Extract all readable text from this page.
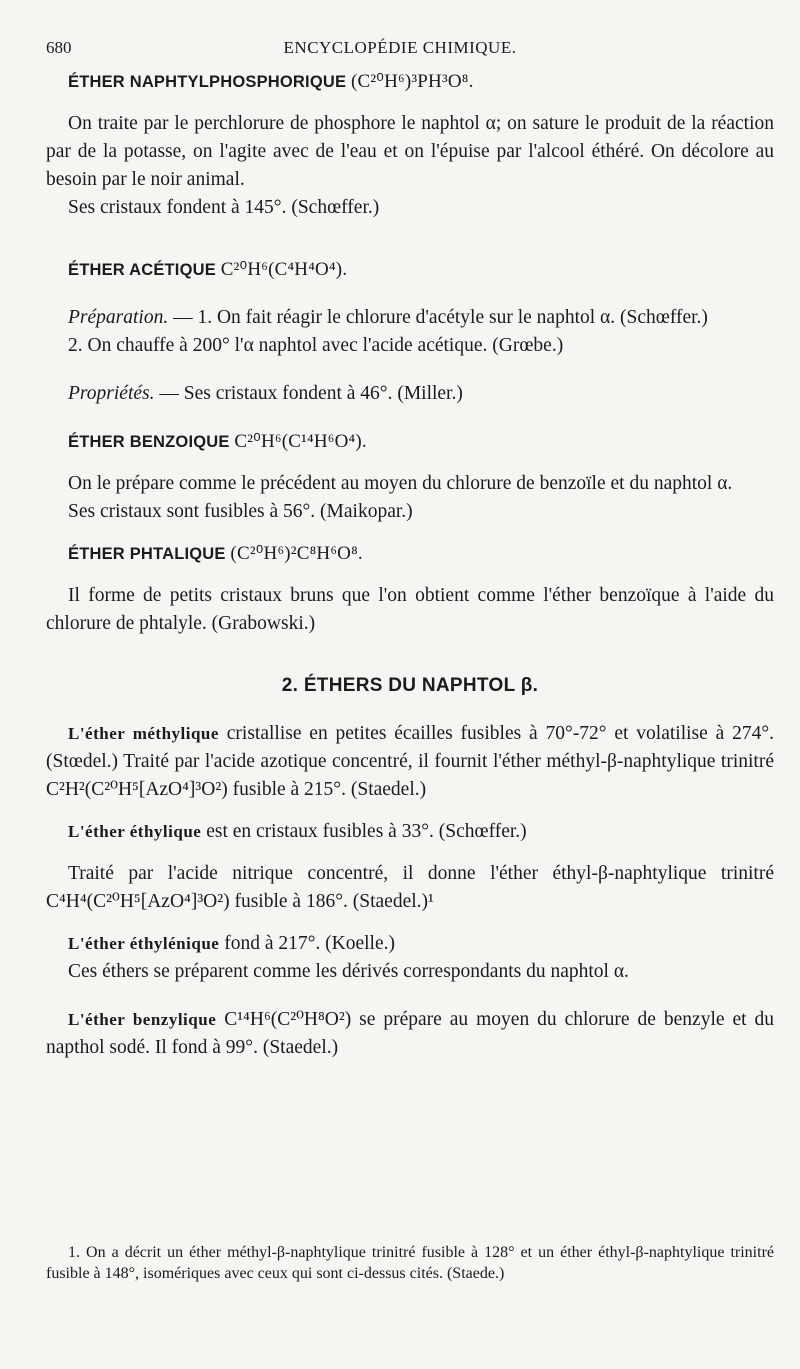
680	ENCYCLOPÉDIE CHIMIQUE.
ÉTHER NAPHTYLPHOSPHORIQUE (C²⁰H⁶)³PH³O⁸.

On traite par le perchlorure de phosphore le naphtol α; on sature le produit de la réaction par de la potasse, on l'agite avec de l'eau et on l'épuise par l'alcool éthéré. On décolore au besoin par le noir animal.

Ses cristaux fondent à 145°. (Schœffer.)

ÉTHER ACÉTIQUE C²⁰H⁶(C⁴H⁴O⁴).

Préparation. — 1. On fait réagir le chlorure d'acétyle sur le naphtol α. (Schœffer.)

2. On chauffe à 200° l'α naphtol avec l'acide acétique. (Grœbe.)

Propriétés. — Ses cristaux fondent à 46°. (Miller.)

ÉTHER BENZOIQUE C²⁰H⁶(C¹⁴H⁶O⁴).

On le prépare comme le précédent au moyen du chlorure de benzoïle et du naphtol α.

Ses cristaux sont fusibles à 56°. (Maikopar.)

ÉTHER PHTALIQUE (C²⁰H⁶)²C⁸H⁶O⁸.

Il forme de petits cristaux bruns que l'on obtient comme l'éther benzoïque à l'aide du chlorure de phtalyle. (Grabowski.)

2. ÉTHERS DU NAPHTOL β.

L'éther méthylique cristallise en petites écailles fusibles à 70°-72° et volatilise à 274°. (Stœdel.) Traité par l'acide azotique concentré, il fournit l'éther méthyl-β-naphtylique trinitré C²H²(C²⁰H⁵[AzO⁴]³O²) fusible à 215°. (Staedel.)

L'éther éthylique est en cristaux fusibles à 33°. (Schœffer.)

Traité par l'acide nitrique concentré, il donne l'éther éthyl-β-naphtylique trinitré C⁴H⁴(C²⁰H⁵[AzO⁴]³O²) fusible à 186°. (Staedel.)¹

L'éther éthylénique fond à 217°. (Koelle.)

Ces éthers se préparent comme les dérivés correspondants du naphtol α.

L'éther benzylique C¹⁴H⁶(C²⁰H⁸O²) se prépare au moyen du chlorure de benzyle et du napthol sodé. Il fond à 99°. (Staedel.)

1. On a décrit un éther méthyl-β-naphtylique trinitré fusible à 128° et un éther éthyl-β-naphtylique trinitré fusible à 148°, isomériques avec ceux qui sont ci-dessus cités. (Staede.)
